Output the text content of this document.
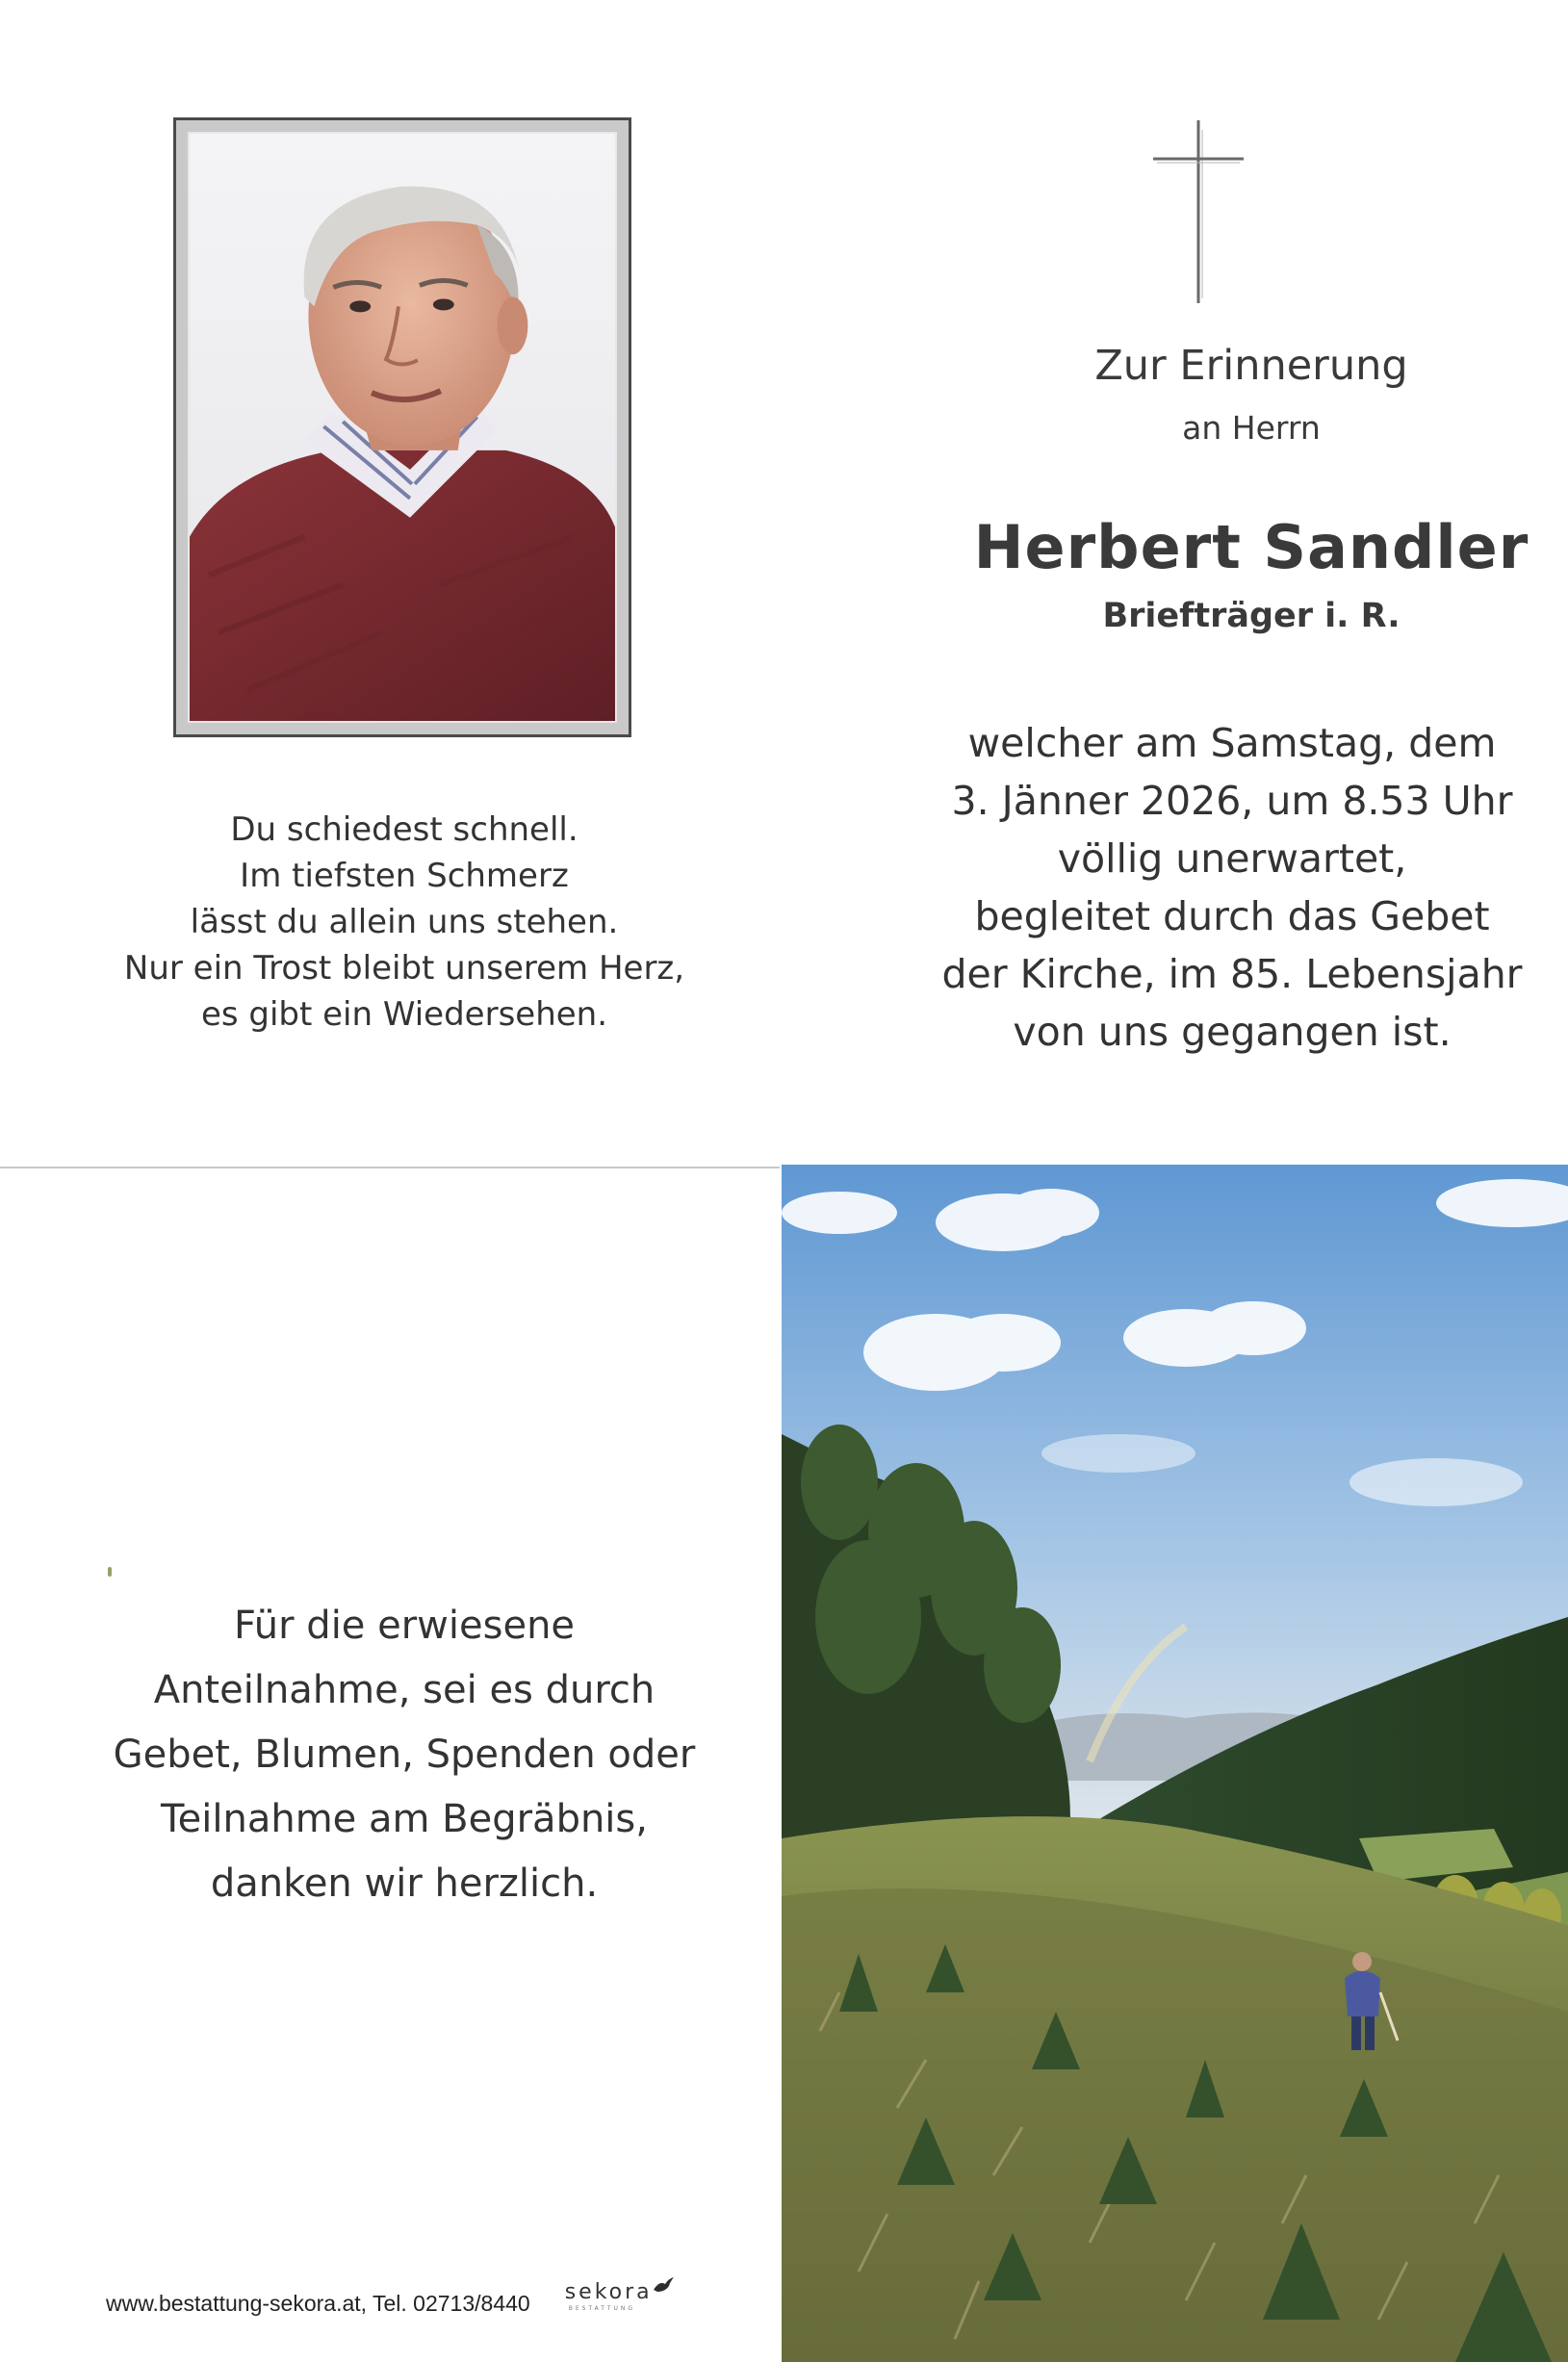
Du schiedest schnell.
Im tiefsten Schmerz
lässt du allein uns stehen.
Nur ein Trost bleibt unserem Herz,
es gibt ein Wiedersehen.
Zur Erinnerung
an Herrn
Herbert Sandler
Briefträger i. R.
welcher am Samstag, dem
3. Jänner 2026, um 8.53 Uhr
völlig unerwartet,
begleitet durch das Gebet
der Kirche, im 85. Lebensjahr
von uns gegangen ist.
Für die erwiesene
Anteilnahme, sei es durch
Gebet, Blumen, Spenden oder
Teilnahme am Begräbnis,
danken wir herzlich.
www.bestattung-sekora.at, Tel. 02713/8440 sekora
BESTATTUNG
